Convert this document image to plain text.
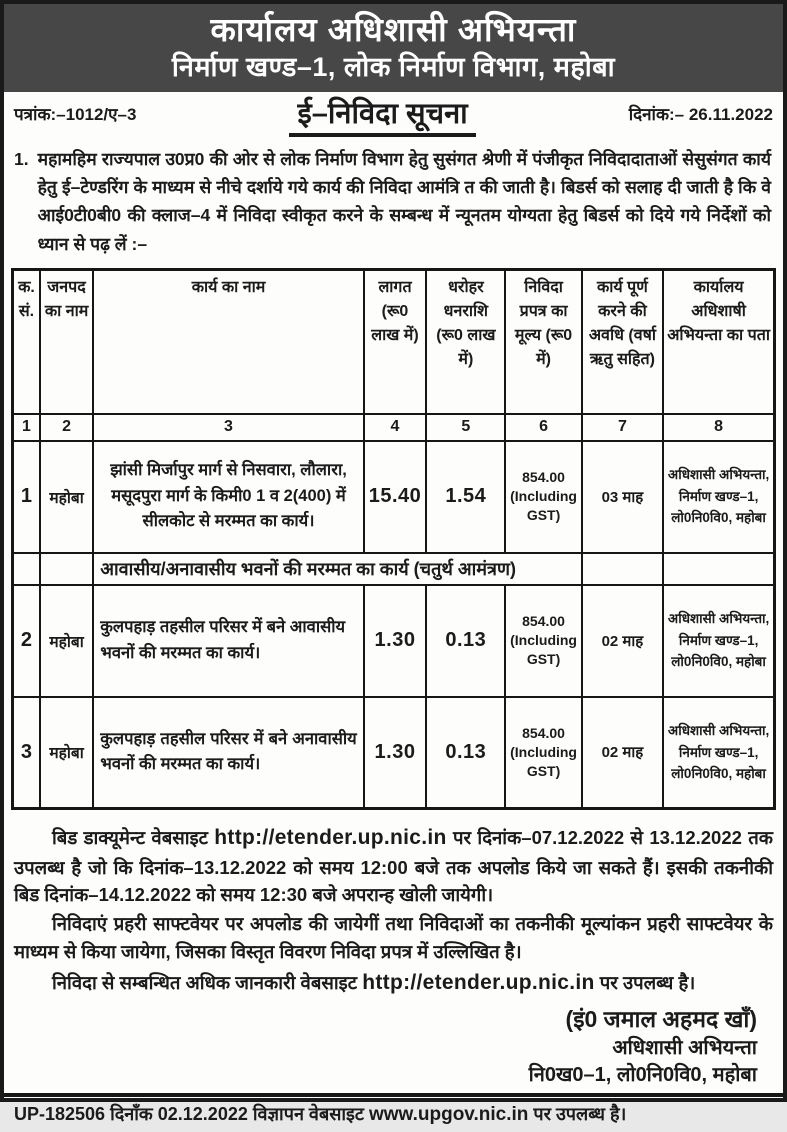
कार्यालय अधिशासी अभियन्ता
निर्माण खण्ड–1, लोक निर्माण विभाग, महोबा
पत्रांक:–1012/ए–3	ई–निविदा सूचना	दिनांक:– 26.11.2022
1. महामहिम राज्यपाल उ0प्र0 की ओर से लोक निर्माण विभाग हेतु सुसंगत श्रेणी में पंजीकृत निविदादाताओं सेसुसंगत कार्य हेतु ई–टेण्डरिंग के माध्यम से नीचे दर्शाये गये कार्य की निविदा आमंत्रि त की जाती है। बिडर्स को सलाह दी जाती है कि वे आई0टी0बी0 की क्लाज–4 में निविदा स्वीकृत करने के सम्बन्ध में न्यूनतम योग्यता हेतु बिडर्स को दिये गये निर्देशों को ध्यान से पढ़ लें :–

क. सं.	जनपद का नाम	कार्य का नाम	लागत (रू0 लाख में)	धरोहर धनराशि (रू0 लाख में)	निविदा प्रपत्र का मूल्य (रू0 में)	कार्य पूर्ण करने की अवधि (वर्षा ऋतु सहित)	कार्यालय अधिशाषी अभियन्ता का पता
1	2	3	4	5	6	7	8
1	महोबा	झांसी मिर्जापुर मार्ग से निसवारा, लौलारा, मसूदपुरा मार्ग के किमी0 1 व 2(400) में सीलकोट से मरम्मत का कार्य।	15.40	1.54	854.00 (Including GST)	03 माह	अधिशासी अभियन्ता, निर्माण खण्ड–1, लो0नि0वि0, महोबा
		आवासीय/अनावासीय भवनों की मरम्मत का कार्य (चतुर्थ आमंत्रण)					
2	महोबा	कुलपहाड़ तहसील परिसर में बने आवासीय भवनों की मरम्मत का कार्य।	1.30	0.13	854.00 (Including GST)	02 माह	अधिशासी अभियन्ता, निर्माण खण्ड–1, लो0नि0वि0, महोबा
3	महोबा	कुलपहाड़ तहसील परिसर में बने अनावासीय भवनों की मरम्मत का कार्य।	1.30	0.13	854.00 (Including GST)	02 माह	अधिशासी अभियन्ता, निर्माण खण्ड–1, लो0नि0वि0, महोबा

बिड डाक्यूमेन्ट वेबसाइट http://etender.up.nic.in पर दिनांक–07.12.2022 से 13.12.2022 तक उपलब्ध है जो कि दिनांक–13.12.2022 को समय 12:00 बजे तक अपलोड किये जा सकते हैं। इसकी तकनीकी बिड दिनांक–14.12.2022 को समय 12:30 बजे अपरान्ह खोली जायेगी।

निविदाएं प्रहरी साफ्टवेयर पर अपलोड की जायेगीं तथा निविदाओं का तकनीकी मूल्यांकन प्रहरी साफ्टवेयर के माध्यम से किया जायेगा, जिसका विस्तृत विवरण निविदा प्रपत्र में उल्लिखित है।

निविदा से सम्बन्धित अधिक जानकारी वेबसाइट http://etender.up.nic.in पर उपलब्ध है।

(इं0 जमाल अहमद खाँ)
अधिशासी अभियन्ता
नि0ख0–1, लो0नि0वि0, महोबा
UP-182506 दिनाँक 02.12.2022 विज्ञापन वेबसाइट www.upgov.nic.in पर उपलब्ध है।
